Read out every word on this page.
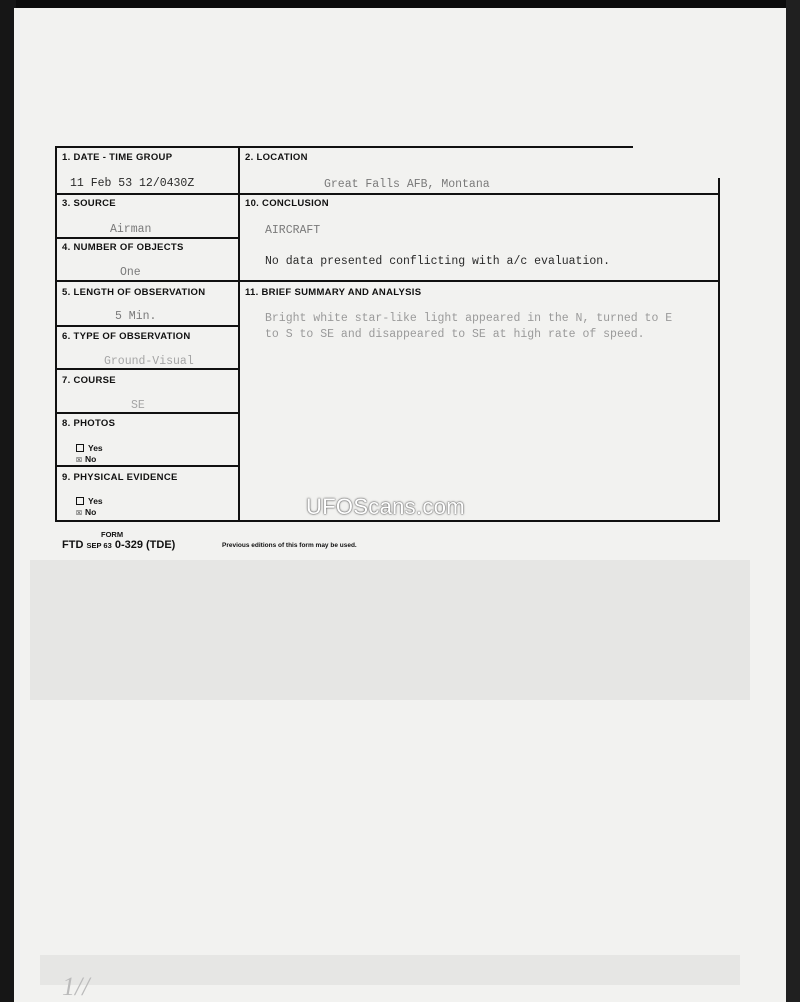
1. DATE - TIME GROUP
11 Feb 53 12/0430Z
2. LOCATION
Great Falls AFB, Montana
3. SOURCE
Airman
4. NUMBER OF OBJECTS
One
10. CONCLUSION
AIRCRAFT
No data presented conflicting with a/c evaluation.
5. LENGTH OF OBSERVATION
5 Min.
6. TYPE OF OBSERVATION
Ground-Visual
7. COURSE
SE
8. PHOTOS
Yes
☒ No
9. PHYSICAL EVIDENCE
Yes
☒ No
11. BRIEF SUMMARY AND ANALYSIS
Bright white star-like light appeared in the N, turned to E
to S to SE and disappeared to SE at high rate of speed.
UFOScans.com
FORM
FTD SEP 63 0-329 (TDE)	Previous editions of this form may be used.
1//
